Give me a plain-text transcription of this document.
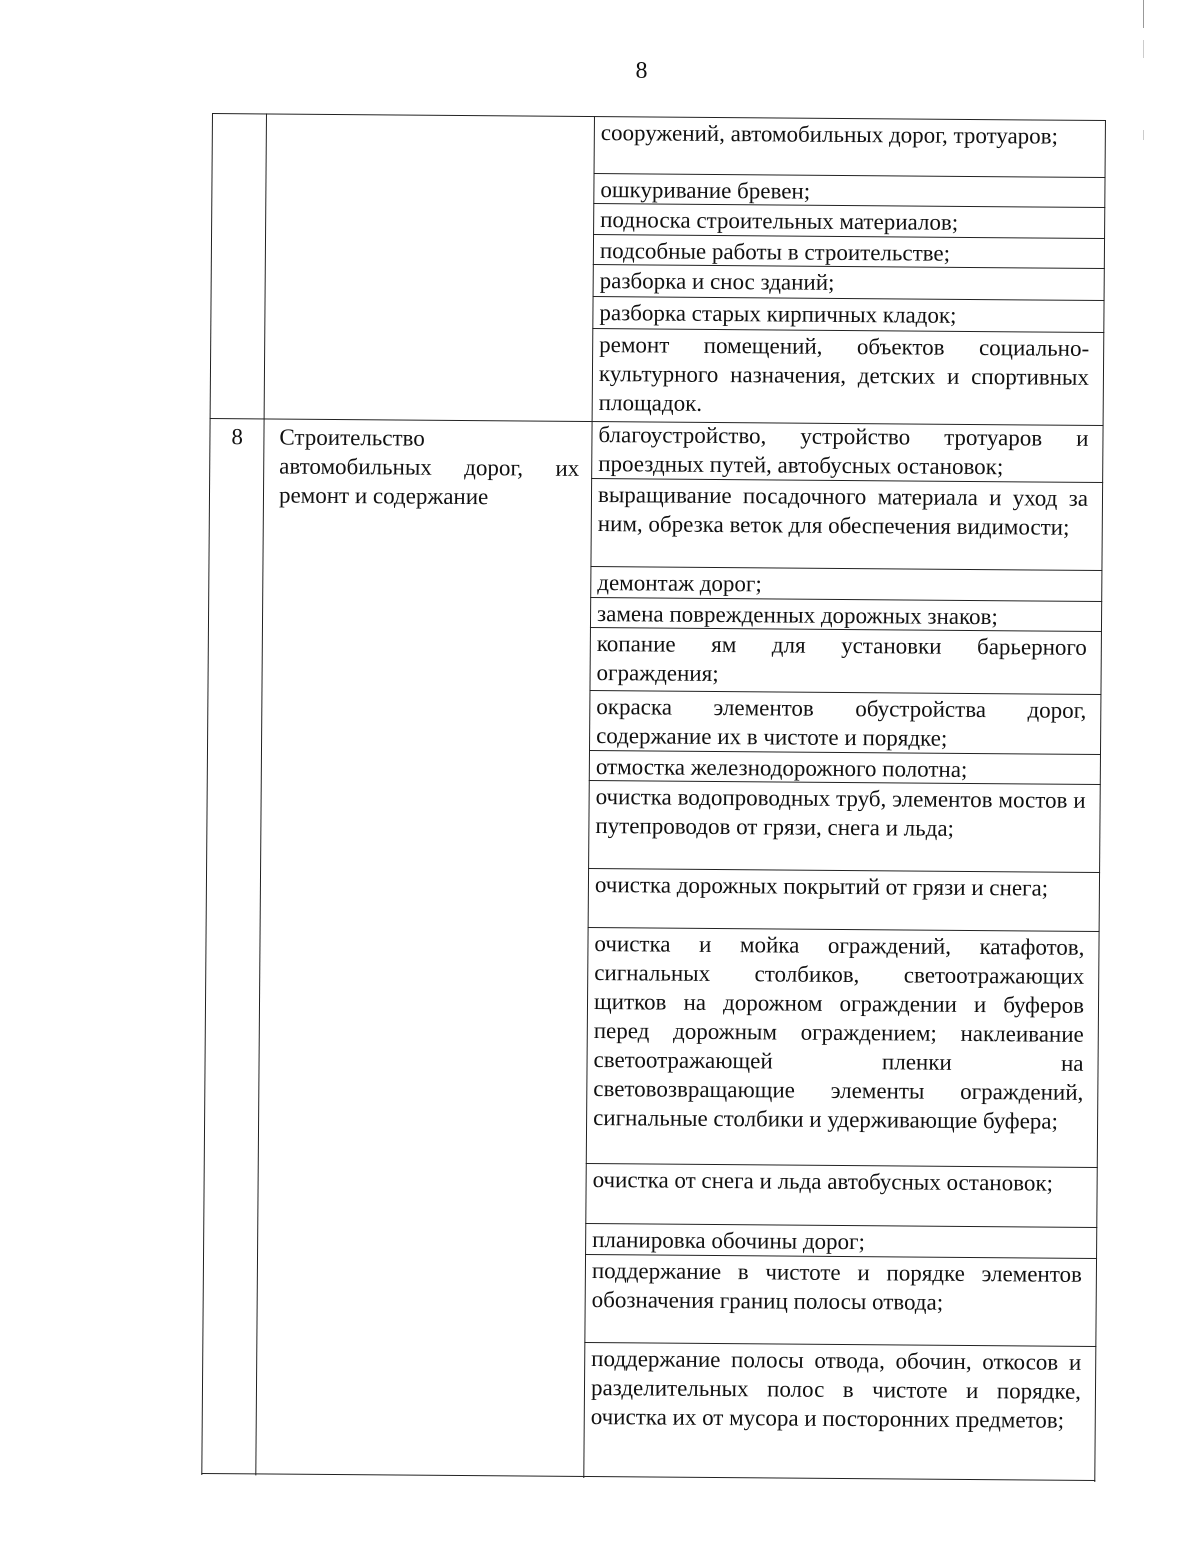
8
сооружений, автомобильных дорог, тротуаров;
ошкуривание бревен;
подноска строительных материалов;
подсобные работы в строительстве;
разборка и снос зданий;
разборка старых кирпичных кладок;
ремонт помещений, объектов социально-культурного назначения, детских и спортивных площадок.
8 Строительство автомобильных дорог, их ремонт и содержание
благоустройство, устройство тротуаров и проездных путей, автобусных остановок;
выращивание посадочного материала и уход за ним, обрезка веток для обеспечения видимости;
демонтаж дорог;
замена поврежденных дорожных знаков;
копание ям для установки барьерного ограждения;
окраска элементов обустройства дорог, содержание их в чистоте и порядке;
отмостка железнодорожного полотна;
очистка водопроводных труб, элементов мостов и путепроводов от грязи, снега и льда;
очистка дорожных покрытий от грязи и снега;
очистка и мойка ограждений, катафотов, сигнальных столбиков, светоотражающих щитков на дорожном ограждении и буферов перед дорожным ограждением; наклеивание светоотражающей пленки на световозвращающие элементы ограждений, сигнальные столбики и удерживающие буфера;
очистка от снега и льда автобусных остановок;
планировка обочины дорог;
поддержание в чистоте и порядке элементов обозначения границ полосы отвода;
поддержание полосы отвода, обочин, откосов и разделительных полос в чистоте и порядке, очистка их от мусора и посторонних предметов;
